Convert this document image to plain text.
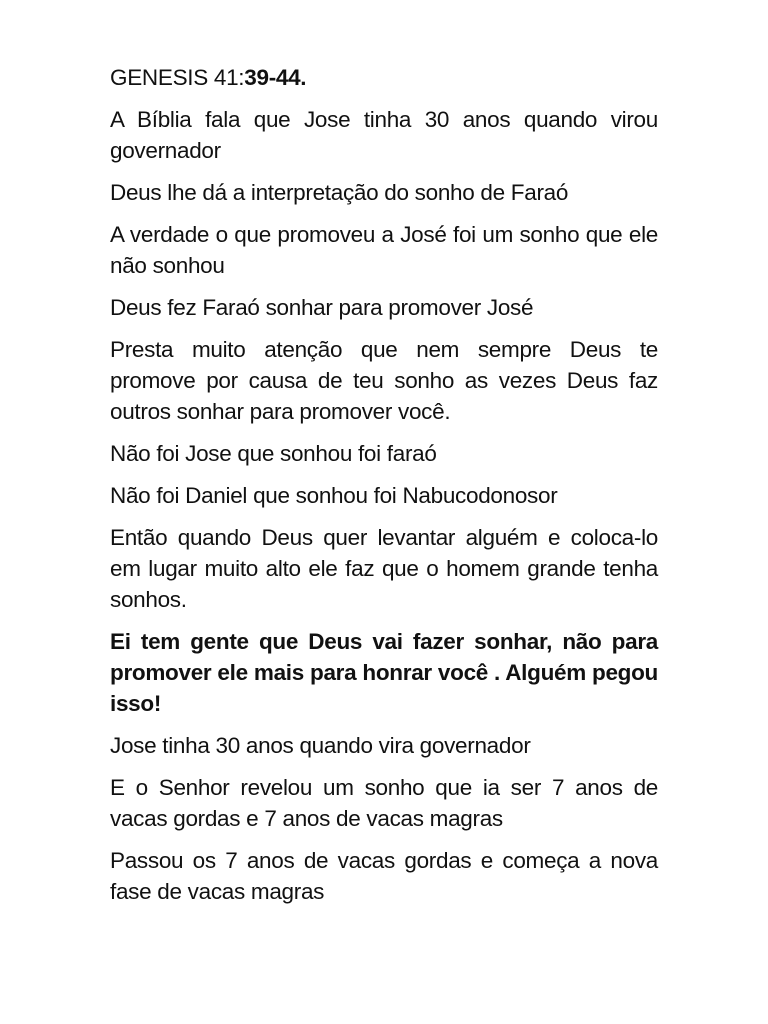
GENESIS 41:39-44.

A Bíblia fala que Jose tinha 30 anos quando virou governador

Deus lhe dá a interpretação do sonho de Faraó

A verdade o que promoveu a José foi um sonho que ele não sonhou

Deus fez Faraó sonhar para promover José

Presta muito atenção que nem sempre Deus te promove por causa de teu sonho as vezes Deus faz outros sonhar para promover você.

Não foi Jose que sonhou foi faraó

Não foi Daniel que sonhou foi Nabucodonosor

Então quando Deus quer levantar alguém e coloca-lo em lugar muito alto ele faz que o homem grande tenha sonhos.

Ei tem gente que Deus vai fazer sonhar, não para promover ele mais para honrar você . Alguém pegou isso!

Jose tinha 30 anos quando vira governador

E o Senhor revelou um sonho que ia ser 7 anos de vacas gordas e 7 anos de vacas magras

Passou os 7 anos de vacas gordas e começa a nova fase de vacas magras
